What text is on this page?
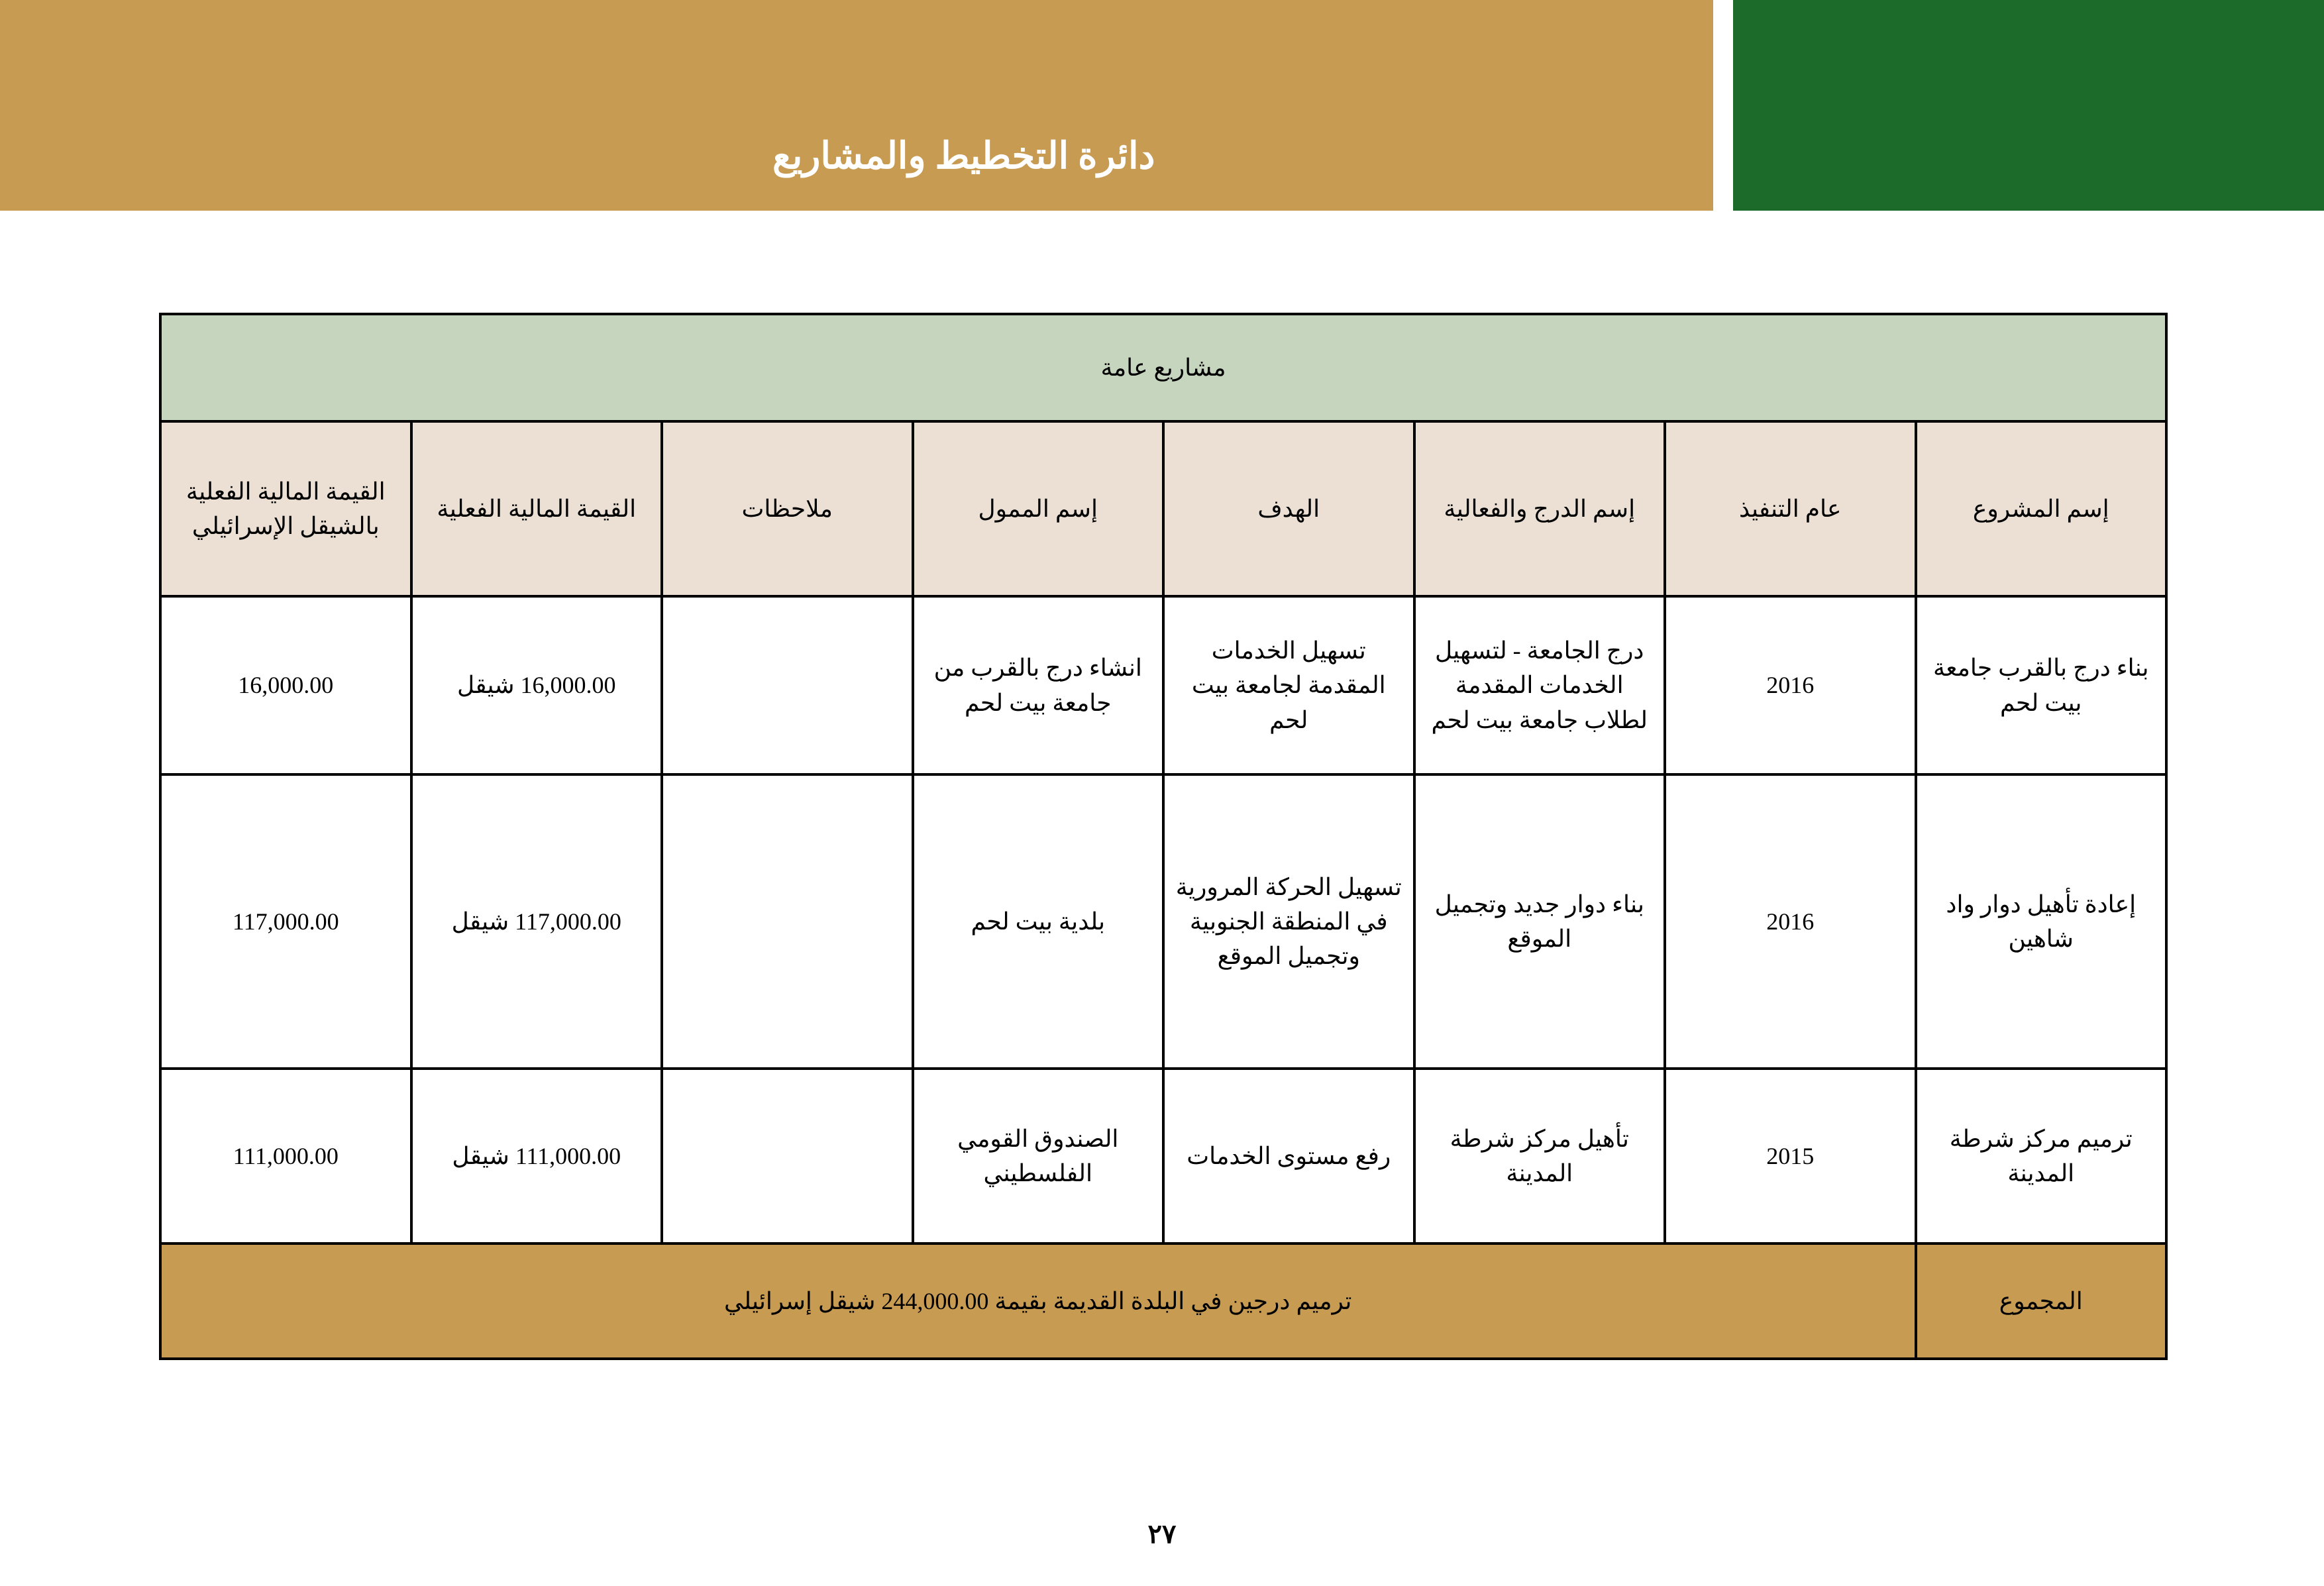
دائرة التخطيط والمشاريع
مشاريع عامة							
إسم المشروع	عام التنفيذ	إسم الدرج والفعالية	الهدف	إسم الممول	ملاحظات	القيمة المالية الفعلية	القيمة المالية الفعلية بالشيقل الإسرائيلي
بناء درج بالقرب جامعة بيت لحم	2016	درج الجامعة - لتسهيل الخدمات المقدمة لطلاب جامعة بيت لحم	تسهيل الخدمات المقدمة لجامعة بيت لحم	انشاء درج بالقرب من جامعة بيت لحم		16,000.00 شيقل	16,000.00
إعادة تأهيل دوار واد شاهين	2016	بناء دوار جديد وتجميل الموقع	تسهيل الحركة المرورية في المنطقة الجنوبية وتجميل الموقع	بلدية بيت لحم		117,000.00 شيقل	117,000.00
ترميم مركز شرطة المدينة	2015	تأهيل مركز شرطة المدينة	رفع مستوى الخدمات	الصندوق القومي الفلسطيني		111,000.00 شيقل	111,000.00
المجموع	ترميم درجين في البلدة القديمة بقيمة 244,000.00 شيقل إسرائيلي						
٢٧
